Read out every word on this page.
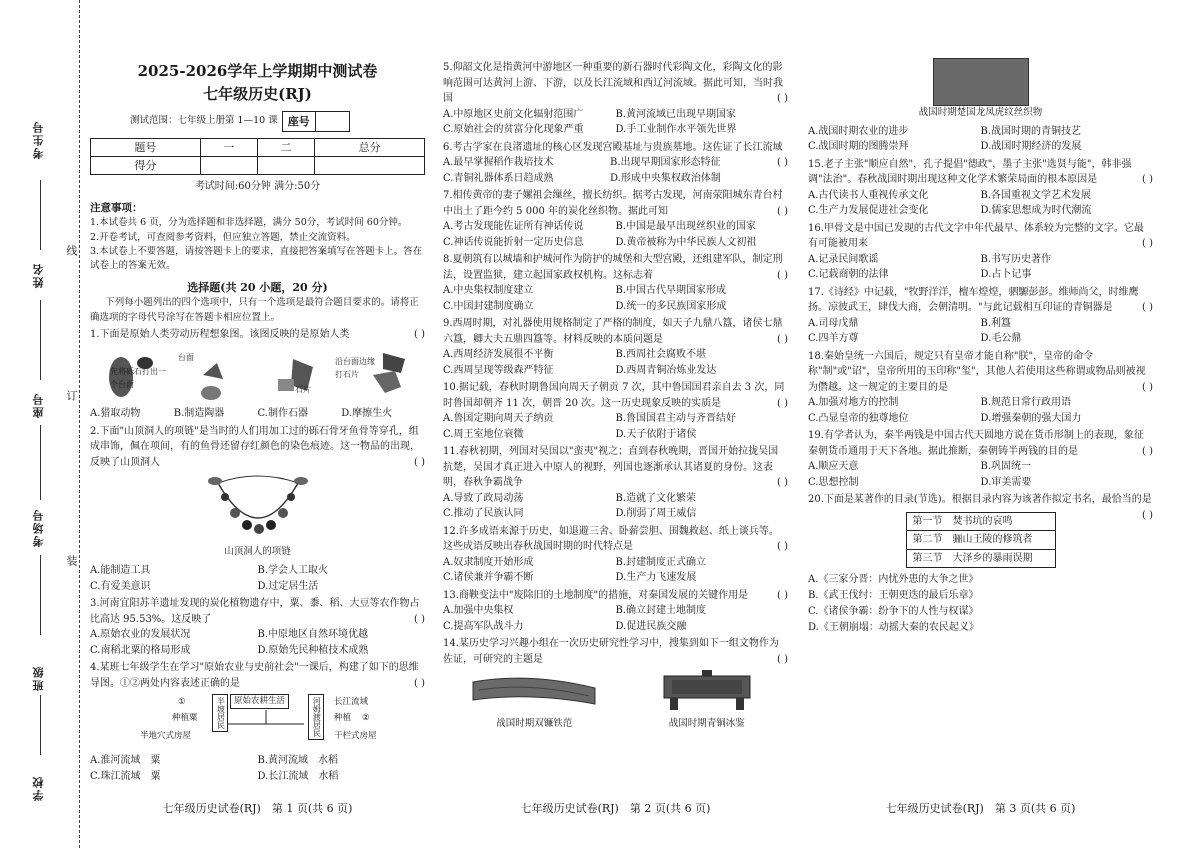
考生号
姓名
座号
考场号
班级
学校
线
订
装
2025-2026学年上学期期中测试卷
七年级历史(RJ)
测试范围：七年级上册第 1—10 课 座号
题号	一	二	总分
得分			
考试时间:60分钟 满分:50分
注意事项：
1.本试卷共 6 页，分为选择题和非选择题，满分 50分，考试时间 60分钟。
2.开卷考试，可查阅参考资料，但应独立答题，禁止交流资料。
3.本试卷上不要答题，请按答题卡上的要求，直接把答案填写在答题卡上。答在试卷上的答案无效。
选择题(共 20 小题，20 分)
下列每小题列出的四个选项中，只有一个选项是最符合题目要求的。请将正确选项的字母代号涂写在答题卡相应位置上。
1.下面是原始人类劳动历程想象图。该图反映的是原始人类	( )
先将砾石打出一个台面
台面
石片
沿台面边缘打石片
A.猎取动物	B.制造陶器	C.制作石器	D.摩擦生火
2.下面"山顶洞人的项链"是当时的人们用加工过的砾石骨牙鱼骨等穿孔，组成串饰，佩在项间，有的鱼骨还留存红颜色的染色痕迹。这一物品的出现，反映了山顶洞人	( )
山顶洞人的项链
A.能制造工具	B.学会人工取火
C.有爱美意识	D.过定居生活
3.河南宜阳苏羊遗址发现的炭化植物遗存中，粟、黍、稻、大豆等农作物占比高达 95.53%。这反映了	( )
A.原始农业的发展状况	B.中原地区自然环境优越
C.南稻北粟的格局形成	D.原始先民种植技术成熟
4.某班七年级学生在学习"原始农业与史前社会"一课后，构建了如下的思维导图。①②两处内容表述正确的是	( )
①
种植粟
半地穴式房屋
半坡居民	原始农耕生活	河姆渡居民	长江流域
种植 ②
干栏式房屋
A.淮河流域　粟	B.黄河流域　水稻
C.珠江流域　粟	D.长江流域　水稻
七年级历史试卷(RJ)　第 1 页(共 6 页)
5.仰韶文化是指黄河中游地区一种重要的新石器时代彩陶文化，彩陶文化的影响范围可达黄河上游、下游，以及长江流域和西辽河流域。据此可知，当时我国	( )
A.中原地区史前文化辐射范围广	B.黄河流域已出现早期国家
C.原始社会的贫富分化现象严重	D.手工业制作水平领先世界
6.考古学家在良渚遗址的核心区发现宫殿基址与贵族墓地。这佐证了长江流域
( )
A.最早掌握稻作栽培技术	B.出现早期国家形态特征
C.青铜礼器体系日趋成熟	D.形成中央集权政治体制
7.相传黄帝的妻子嫘祖会缫丝，擅长纺织。据考古发现，河南荥阳城东青台村中出土了距今约 5 000 年的炭化丝织物。据此可知	( )
A.考古发现能佐证所有神话传说	B.中国是最早出现丝织业的国家
C.神话传说能折射一定历史信息	D.黄帝被称为中华民族人文初祖
8.夏朝筑有以城墙和护城河作为防护的城堡和大型宫殿，还组建军队，制定刑法，设置监狱，建立起国家政权机构。这标志着	( )
A.中央集权制度建立	B.中国古代早期国家形成
C.中国封建制度确立	D.统一的多民族国家形成
9.西周时期，对礼器使用规格制定了严格的制度，如天子九鼎八簋，诸侯七鼎六簋，卿大夫五鼎四簋等。材料反映的本质问题是	( )
A.西周经济发展很不平衡	B.西周社会腐败不堪
C.西周呈现等级森严特征	D.西周青铜冶炼业发达
10.据记载，春秋时期鲁国向周天子朝贡 7 次，其中鲁国国君亲自去 3 次，同时鲁国却朝齐 11 次，朝晋 20 次。这一历史现象反映的实质是	( )
A.鲁国定期向周天子纳贡	B.鲁国国君主动与齐晋结好
C.周王室地位衰微	D.天子依附于诸侯
11.春秋初期，列国对吴国以"蛮夷"视之；直到春秋晚期，晋国开始拉拢吴国抗楚，吴国才真正进入中原人的视野，列国也逐渐承认其诸夏的身份。这表明，春秋争霸战争	( )
A.导致了政局动荡	B.造就了文化繁荣
C.推动了民族认同	D.削弱了周王威信
12.许多成语来源于历史，如退避三舍、卧薪尝胆、围魏救赵、纸上谈兵等。这些成语反映出春秋战国时期的时代特点是	( )
A.奴隶制度开始形成	B.封建制度正式确立
C.诸侯兼并争霸不断	D.生产力飞速发展
13.商鞅变法中"废除旧的土地制度"的措施，对秦国发展的关键作用是	( )
A.加强中央集权	B.确立封建土地制度
C.提高军队战斗力	D.促进民族交融
14.某历史学习兴趣小组在一次历史研究性学习中，搜集到如下一组文物作为佐证，可研究的主题是	( )
战国时期双镰铁范	战国时期青铜冰鉴
七年级历史试卷(RJ)　第 2 页(共 6 页)
战国时期楚国龙凤虎纹丝织物
A.战国时期农业的进步	B.战国时期的青铜技艺
C.战国时期的图腾崇拜	D.战国时期经济的发展
15.老子主张"顺应自然"，孔子提倡"德政"，墨子主张"选贤与能"，韩非强调"法治"。春秋战国时期出现这种文化学术繁荣局面的根本原因是	( )
A.古代读书人重视传承文化	B.各国重视文学艺术发展
C.生产力发展促进社会变化	D.儒家思想成为时代潮流
16.甲骨文是中国已发现的古代文字中年代最早、体系较为完整的文字。它最有可能被用来	( )
A.记录民间歌谣	B.书写历史著作
C.记载商朝的法律	D.占卜记事
17.《诗经》中记载，"牧野洋洋，檀车煌煌，驷騵彭彭。维师尚父，时维鹰扬。凉彼武王，肆伐大商，会朝清明。"与此记载相互印证的青铜器是	( )
A.司母戊鼎	B.利簋
C.四羊方尊	D.毛公鼎
18.秦始皇统一六国后，规定只有皇帝才能自称"朕"，皇帝的命令称"制"或"诏"，皇帝所用的玉印称"玺"，其他人若使用这些称谓或物品则被视为僭越。这一规定的主要目的是	( )
A.加强对地方的控制	B.规范日常行政用语
C.凸显皇帝的独尊地位	D.增强秦朝的强大国力
19.有学者认为，秦半两钱是中国古代天圆地方说在货币形制上的表现，象征秦朝货币通用于天下各地。据此推断，秦朝铸半两钱的目的是	( )
A.顺应天意	B.巩固统一
C.思想控制	D.审美需要
20.下面是某著作的目录(节选)。根据目录内容为该著作拟定书名，最恰当的是
( )
第一节　焚书坑的哀鸣
第二节　骊山王陵的修筑者
第三节　大泽乡的暴雨误期
A.《三家分晋：内忧外患的大争之世》
B.《武王伐纣：王朝更迭的最后乐章》
C.《诸侯争霸：纷争下的人性与权谋》
D.《王朝崩塌：动摇大秦的农民起义》
七年级历史试卷(RJ)　第 3 页(共 6 页)
